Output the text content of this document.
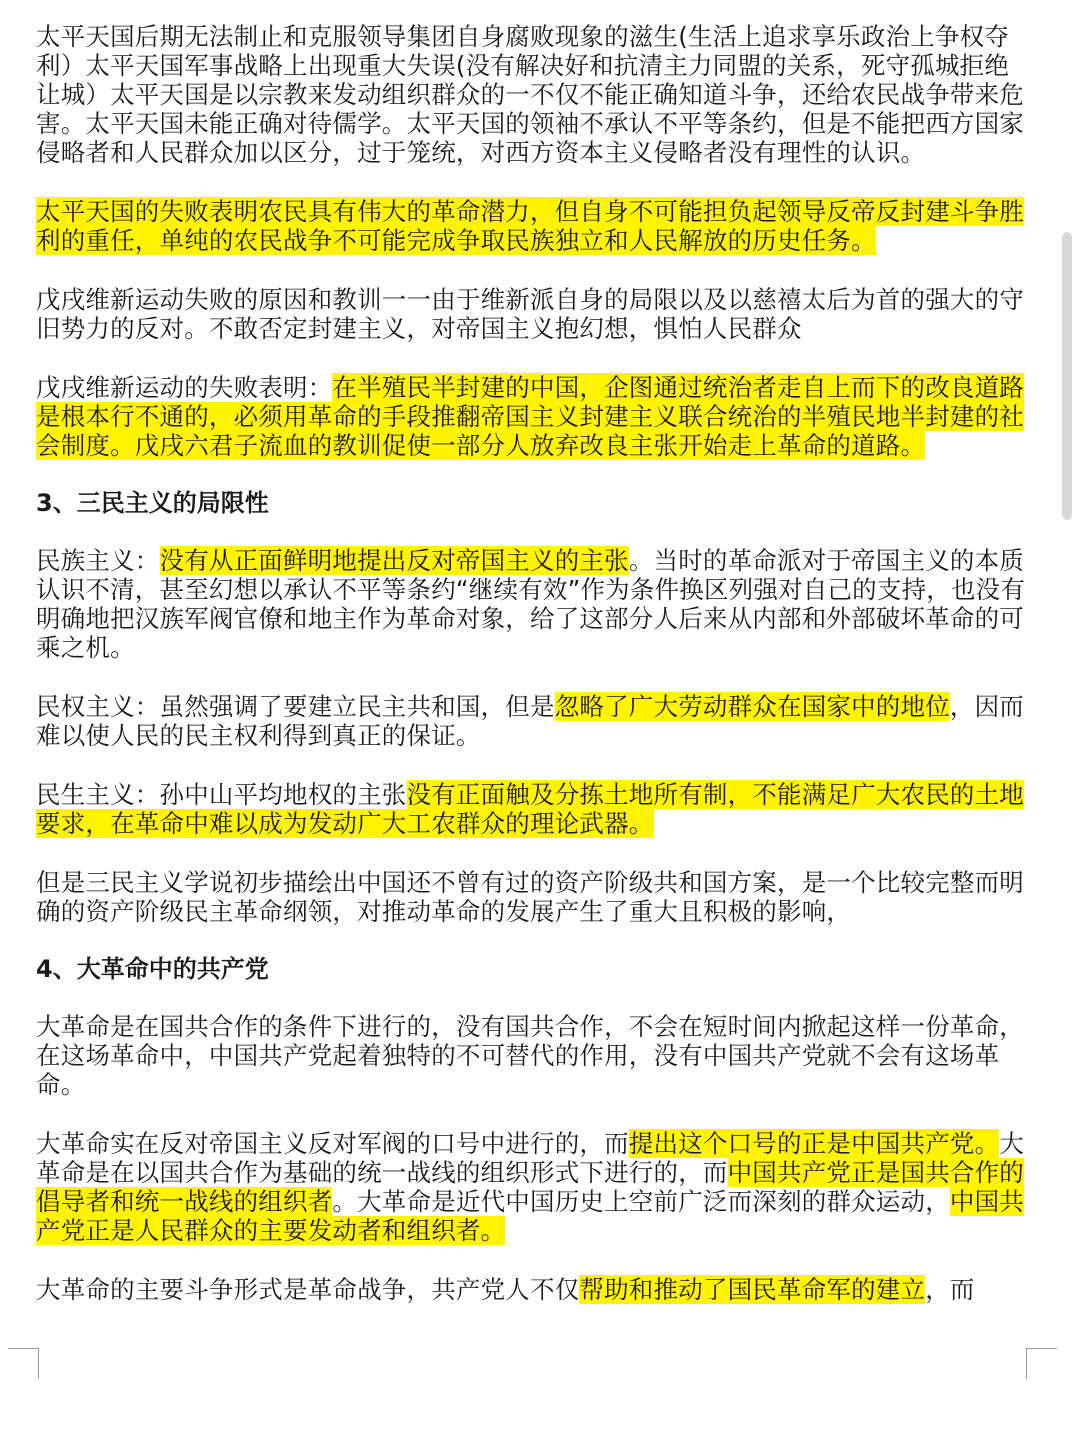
太平天国后期无法制止和克服领导集团自身腐败现象的滋生(生活上追求享乐政治上争权夺利）太平天国军事战略上出现重大失误(没有解决好和抗清主力同盟的关系，死守孤城拒绝让城）太平天国是以宗教来发动组织群众的一不仅不能正确知道斗争，还给农民战争带来危害。太平天国未能正确对待儒学。太平天国的领袖不承认不平等条约，但是不能把西方国家侵略者和人民群众加以区分，过于笼统，对西方资本主义侵略者没有理性的认识。

太平天国的失败表明农民具有伟大的革命潜力，但自身不可能担负起领导反帝反封建斗争胜利的重任，单纯的农民战争不可能完成争取民族独立和人民解放的历史任务。

戊戌维新运动失败的原因和教训一一由于维新派自身的局限以及以慈禧太后为首的强大的守旧势力的反对。不敢否定封建主义，对帝国主义抱幻想，惧怕人民群众

戊戌维新运动的失败表明：在半殖民半封建的中国，企图通过统治者走自上而下的改良道路是根本行不通的，必须用革命的手段推翻帝国主义封建主义联合统治的半殖民地半封建的社会制度。戊戌六君子流血的教训促使一部分人放弃改良主张开始走上革命的道路。

3、三民主义的局限性

民族主义：没有从正面鲜明地提出反对帝国主义的主张。当时的革命派对于帝国主义的本质认识不清，甚至幻想以承认不平等条约“继续有效”作为条件换区列强对自己的支持，也没有明确地把汉族军阀官僚和地主作为革命对象，给了这部分人后来从内部和外部破坏革命的可乘之机。

民权主义：虽然强调了要建立民主共和国，但是忽略了广大劳动群众在国家中的地位，因而难以使人民的民主权利得到真正的保证。

民生主义：孙中山平均地权的主张没有正面触及分拣土地所有制，不能满足广大农民的土地要求，在革命中难以成为发动广大工农群众的理论武器。

但是三民主义学说初步描绘出中国还不曾有过的资产阶级共和国方案，是一个比较完整而明确的资产阶级民主革命纲领，对推动革命的发展产生了重大且积极的影响，

4、大革命中的共产党

大革命是在国共合作的条件下进行的，没有国共合作，不会在短时间内掀起这样一份革命，在这场革命中，中国共产党起着独特的不可替代的作用，没有中国共产党就不会有这场革命。

大革命实在反对帝国主义反对军阀的口号中进行的，而提出这个口号的正是中国共产党。大革命是在以国共合作为基础的统一战线的组织形式下进行的，而中国共产党正是国共合作的倡导者和统一战线的组织者。大革命是近代中国历史上空前广泛而深刻的群众运动，中国共产党正是人民群众的主要发动者和组织者。

大革命的主要斗争形式是革命战争，共产党人不仅帮助和推动了国民革命军的建立，而
